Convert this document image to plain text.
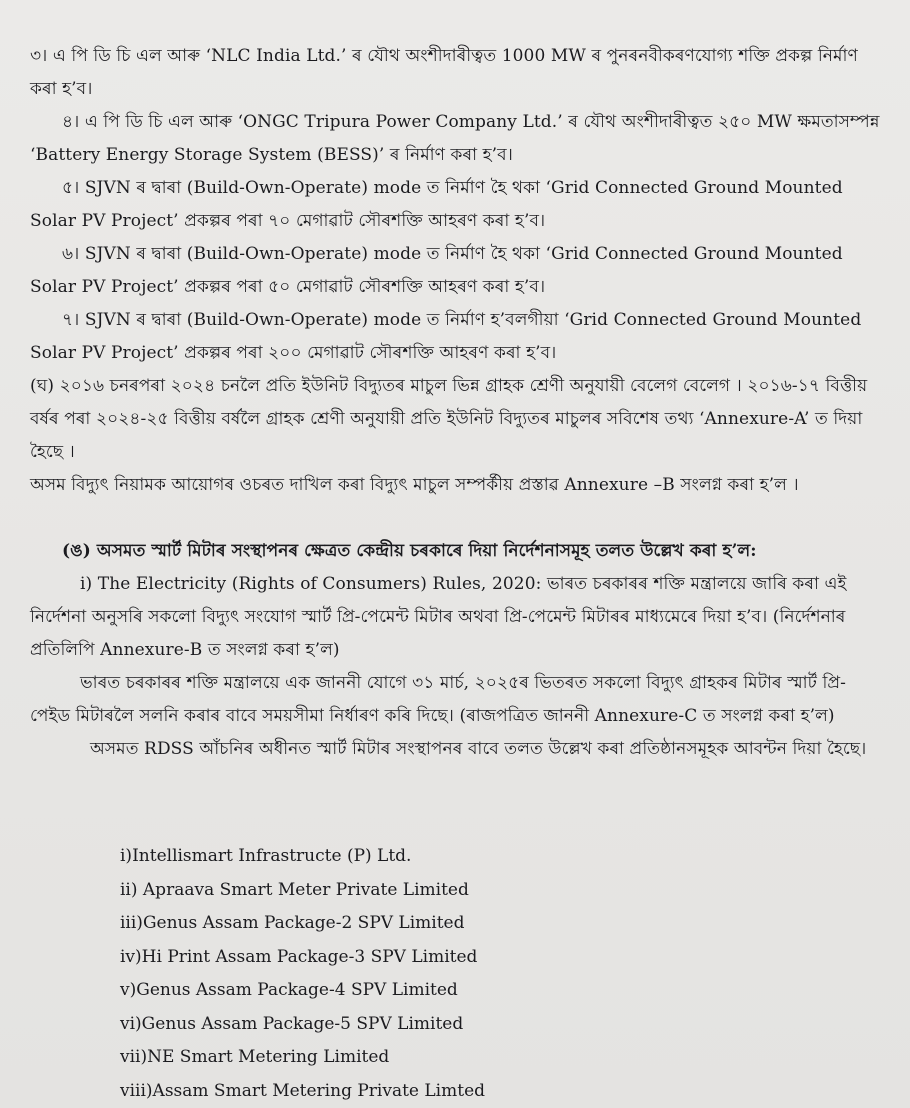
৩। এ পি ডি চি এল আৰু ‘NLC India Ltd.’ ৰ যৌথ অংশীদাৰীত্বত 1000 MW ৰ পুনৰনবীকৰণযোগ্য শক্তি প্ৰকল্প নিৰ্মাণ কৰা হ’ব।

৪। এ পি ডি চি এল আৰু ‘ONGC Tripura Power Company Ltd.’ ৰ যৌথ অংশীদাৰীত্বত ২৫০ MW ক্ষমতাসম্পন্ন ‘Battery Energy Storage System (BESS)’ ৰ নিৰ্মাণ কৰা হ’ব।

৫। SJVN ৰ দ্বাৰা (Build-Own-Operate) mode ত নিৰ্মাণ হৈ থকা ‘Grid Connected Ground Mounted Solar PV Project’ প্ৰকল্পৰ পৰা ৭০ মেগাৱাট সৌৰশক্তি আহৰণ কৰা হ’ব।

৬। SJVN ৰ দ্বাৰা (Build-Own-Operate) mode ত নিৰ্মাণ হৈ থকা ‘Grid Connected Ground Mounted Solar PV Project’ প্ৰকল্পৰ পৰা ৫০ মেগাৱাট সৌৰশক্তি আহৰণ কৰা হ’ব।

৭। SJVN ৰ দ্বাৰা (Build-Own-Operate) mode ত নিৰ্মাণ হ’বলগীয়া ‘Grid Connected Ground Mounted Solar PV Project’ প্ৰকল্পৰ পৰা ২০০ মেগাৱাট সৌৰশক্তি আহৰণ কৰা হ’ব।

(ঘ) ২০১৬ চনৰপৰা ২০২৪ চনলৈ প্ৰতি ইউনিট বিদ্যুতৰ মাচুল ভিন্ন গ্ৰাহক শ্ৰেণী অনুযায়ী বেলেগ বেলেগ । ২০১৬-১৭ বিত্তীয় বৰ্ষৰ পৰা ২০২৪-২৫ বিত্তীয় বৰ্ষলৈ গ্ৰাহক শ্ৰেণী অনুযায়ী প্ৰতি ইউনিট বিদ্যুতৰ মাচুলৰ সবিশেষ তথ্য ‘Annexure-A’ ত দিয়া হৈছে ।

অসম বিদ্যুৎ নিয়ামক আয়োগৰ ওচৰত দাখিল কৰা বিদ্যুৎ মাচুল সম্পৰ্কীয় প্ৰস্তাৱ Annexure –B সংলগ্ন কৰা হ’ল ।

(ঙ) অসমত স্মাৰ্ট মিটাৰ সংস্থাপনৰ ক্ষেত্ৰত কেন্দ্ৰীয় চৰকাৰে দিয়া নিৰ্দেশনাসমূহ তলত উল্লেখ কৰা হ’ল:

i) The Electricity (Rights of Consumers) Rules, 2020: ভাৰত চৰকাৰৰ শক্তি মন্ত্ৰালয়ে জাৰি কৰা এই নিৰ্দেশনা অনুসৰি সকলো বিদ্যুৎ সংযোগ স্মাৰ্ট প্ৰি-পেমেন্ট মিটাৰ অথবা প্ৰি-পেমেন্ট মিটাৰৰ মাধ্যমেৰে দিয়া হ’ব। (নিৰ্দেশনাৰ প্ৰতিলিপি Annexure-B ত সংলগ্ন কৰা হ’ল)

ভাৰত চৰকাৰৰ শক্তি মন্ত্ৰালয়ে এক জাননী যোগে ৩১ মাৰ্চ, ২০২৫ৰ ভিতৰত সকলো বিদ্যুৎ গ্ৰাহকৰ মিটাৰ স্মাৰ্ট প্ৰি-পেইড মিটাৰলৈ সলনি কৰাৰ বাবে সময়সীমা নিৰ্ধাৰণ কৰি দিছে। (ৰাজপত্ৰিত জাননী Annexure-C ত সংলগ্ন কৰা হ’ল)

অসমত RDSS আঁচনিৰ অধীনত স্মাৰ্ট মিটাৰ সংস্থাপনৰ বাবে তলত উল্লেখ কৰা প্ৰতিষ্ঠানসমূহক আবন্টন দিয়া হৈছে।

i)Intellismart Infrastructe (P) Ltd.
ii) Apraava Smart Meter Private Limited
iii)Genus Assam Package-2 SPV Limited
iv)Hi Print Assam Package-3 SPV Limited
v)Genus Assam Package-4 SPV Limited
vi)Genus Assam Package-5 SPV Limited
vii)NE Smart Metering Limited
viii)Assam Smart Metering Private Limted
